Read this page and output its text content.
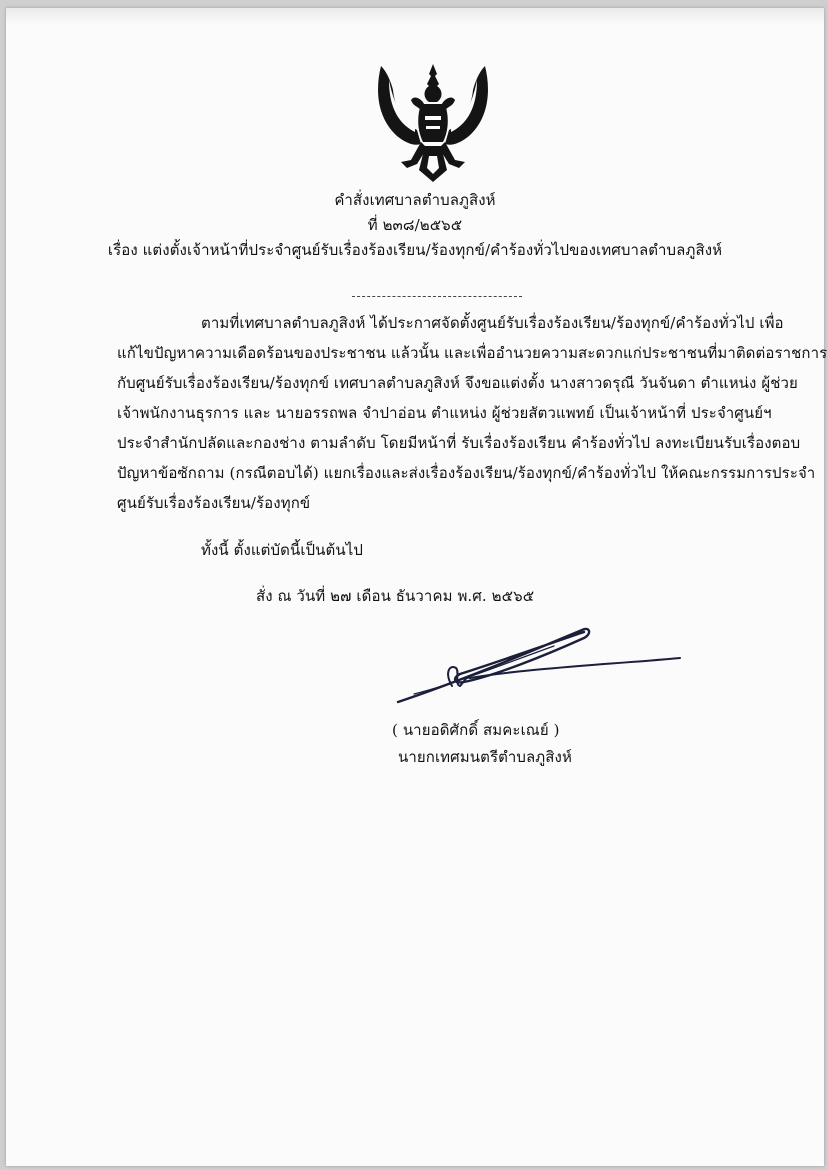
คำสั่งเทศบาลตำบลภูสิงห์
ที่ ๒๓๘/๒๕๖๕
เรื่อง แต่งตั้งเจ้าหน้าที่ประจำศูนย์รับเรื่องร้องเรียน/ร้องทุกข์/คำร้องทั่วไปของเทศบาลตำบลภูสิงห์
ตามที่เทศบาลตำบลภูสิงห์ ได้ประกาศจัดตั้งศูนย์รับเรื่องร้องเรียน/ร้องทุกข์/คำร้องทั่วไป เพื่อ
แก้ไขปัญหาความเดือดร้อนของประชาชน แล้วนั้น และเพื่ออำนวยความสะดวกแก่ประชาชนที่มาติดต่อราชการ
กับศูนย์รับเรื่องร้องเรียน/ร้องทุกข์ เทศบาลตำบลภูสิงห์ จึงขอแต่งตั้ง นางสาวดรุณี วันจันดา ตำแหน่ง ผู้ช่วย
เจ้าพนักงานธุรการ และ นายอรรถพล จำปาอ่อน ตำแหน่ง ผู้ช่วยสัตวแพทย์ เป็นเจ้าหน้าที่ ประจำศูนย์ฯ
ประจำสำนักปลัดและกองช่าง ตามลำดับ โดยมีหน้าที่ รับเรื่องร้องเรียน คำร้องทั่วไป ลงทะเบียนรับเรื่องตอบ
ปัญหาข้อซักถาม (กรณีตอบได้) แยกเรื่องและส่งเรื่องร้องเรียน/ร้องทุกข์/คำร้องทั่วไป ให้คณะกรรมการประจำ
ศูนย์รับเรื่องร้องเรียน/ร้องทุกข์
ทั้งนี้ ตั้งแต่บัดนี้เป็นต้นไป
สั่ง ณ วันที่ ๒๗ เดือน ธันวาคม พ.ศ. ๒๕๖๕
( นายอดิศักดิ์ สมคะเณย์ )
นายกเทศมนตรีตำบลภูสิงห์
